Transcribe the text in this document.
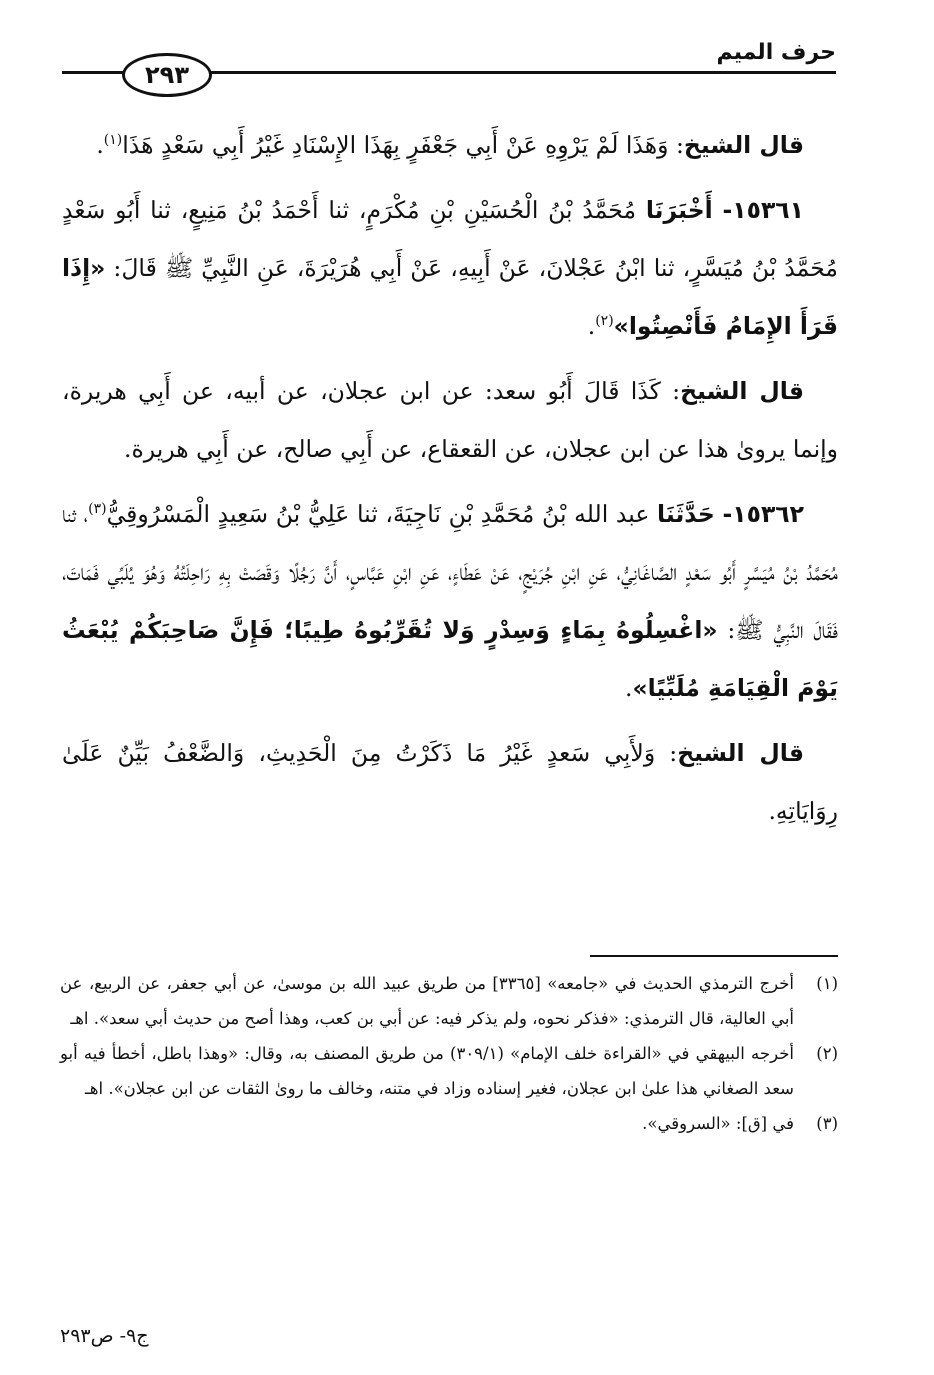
حرف الميم
٢٩٣

قال الشيخ: وَهَذَا لَمْ يَرْوِهِ عَنْ أَبِي جَعْفَرٍ بِهَذَا الإِسْنَادِ غَيْرُ أَبِي سَعْدٍ هَذَا$^{(١)}$.

١٥٣٦١- أَخْبَرَنَا مُحَمَّدُ بْنُ الْحُسَيْنِ بْنِ مُكْرَمٍ، ثنا أَحْمَدُ بْنُ مَنِيعٍ، ثنا أَبُو سَعْدٍ مُحَمَّدُ بْنُ مُيَسَّرٍ، ثنا ابْنُ عَجْلانَ، عَنْ أَبِيهِ، عَنْ أَبِي هُرَيْرَةَ، عَنِ النَّبِيِّ ﷺ قَالَ: «إِذَا قَرَأَ الإِمَامُ فَأَنْصِتُوا»$^{(٢)}$.

قال الشيخ: كَذَا قَالَ أَبُو سعد: عن ابن عجلان، عن أبيه، عن أَبِي هريرة، وإنما يروىٰ هذا عن ابن عجلان، عن القعقاع، عن أَبِي صالح، عن أَبِي هريرة.

١٥٣٦٢- حَدَّثَنَا عبد الله بْنُ مُحَمَّدِ بْنِ نَاجِيَةَ، ثنا عَلِيُّ بْنُ سَعِيدٍ الْمَسْرُوقِيُّ$^{(٣)}$، ثنا مُحَمَّدُ بْنُ مُيَسَّرٍ أَبُو سَعْدٍ الصَّاغَانِيُّ، عَنِ ابْنِ جُرَيْجٍ، عَنْ عَطَاءٍ، عَنِ ابْنِ عَبَّاسٍ، أَنَّ رَجُلًا وَقَصَتْ بِهِ رَاحِلَتُهُ وَهُوَ يُلَبِّي فَمَاتَ، فَقَالَ النَّبِيُّ ﷺ: «اغْسِلُوهُ بِمَاءٍ وَسِدْرٍ وَلا تُقَرِّبُوهُ طِيبًا؛ فَإِنَّ صَاحِبَكُمْ يُبْعَثُ يَوْمَ الْقِيَامَةِ مُلَبِّيًا».

قال الشيخ: وَلأَبِي سَعدٍ غَيْرُ مَا ذَكَرْتُ مِنَ الْحَدِيثِ، وَالضَّعْفُ بَيِّنٌ عَلَىٰ رِوَايَاتِهِ.

(١)
أخرج الترمذي الحديث في «جامعه» [٣٣٦٥] من طريق عبيد الله بن موسىٰ، عن أبي جعفر، عن الربيع، عن أبي العالية، قال الترمذي: «فذكر نحوه، ولم يذكر فيه: عن أبي بن كعب، وهذا أصح من حديث أبي سعد». اهـ
(٢)
أخرجه البيهقي في «القراءة خلف الإمام» (٣٠٩/١) من طريق المصنف به، وقال: «وهذا باطل، أخطأ فيه أبو سعد الصغاني هذا علىٰ ابن عجلان، فغير إسناده وزاد في متنه، وخالف ما روىٰ الثقات عن ابن عجلان». اهـ
(٣)
في [ق]: «السروقي».
ج٩- ص٢٩٣
